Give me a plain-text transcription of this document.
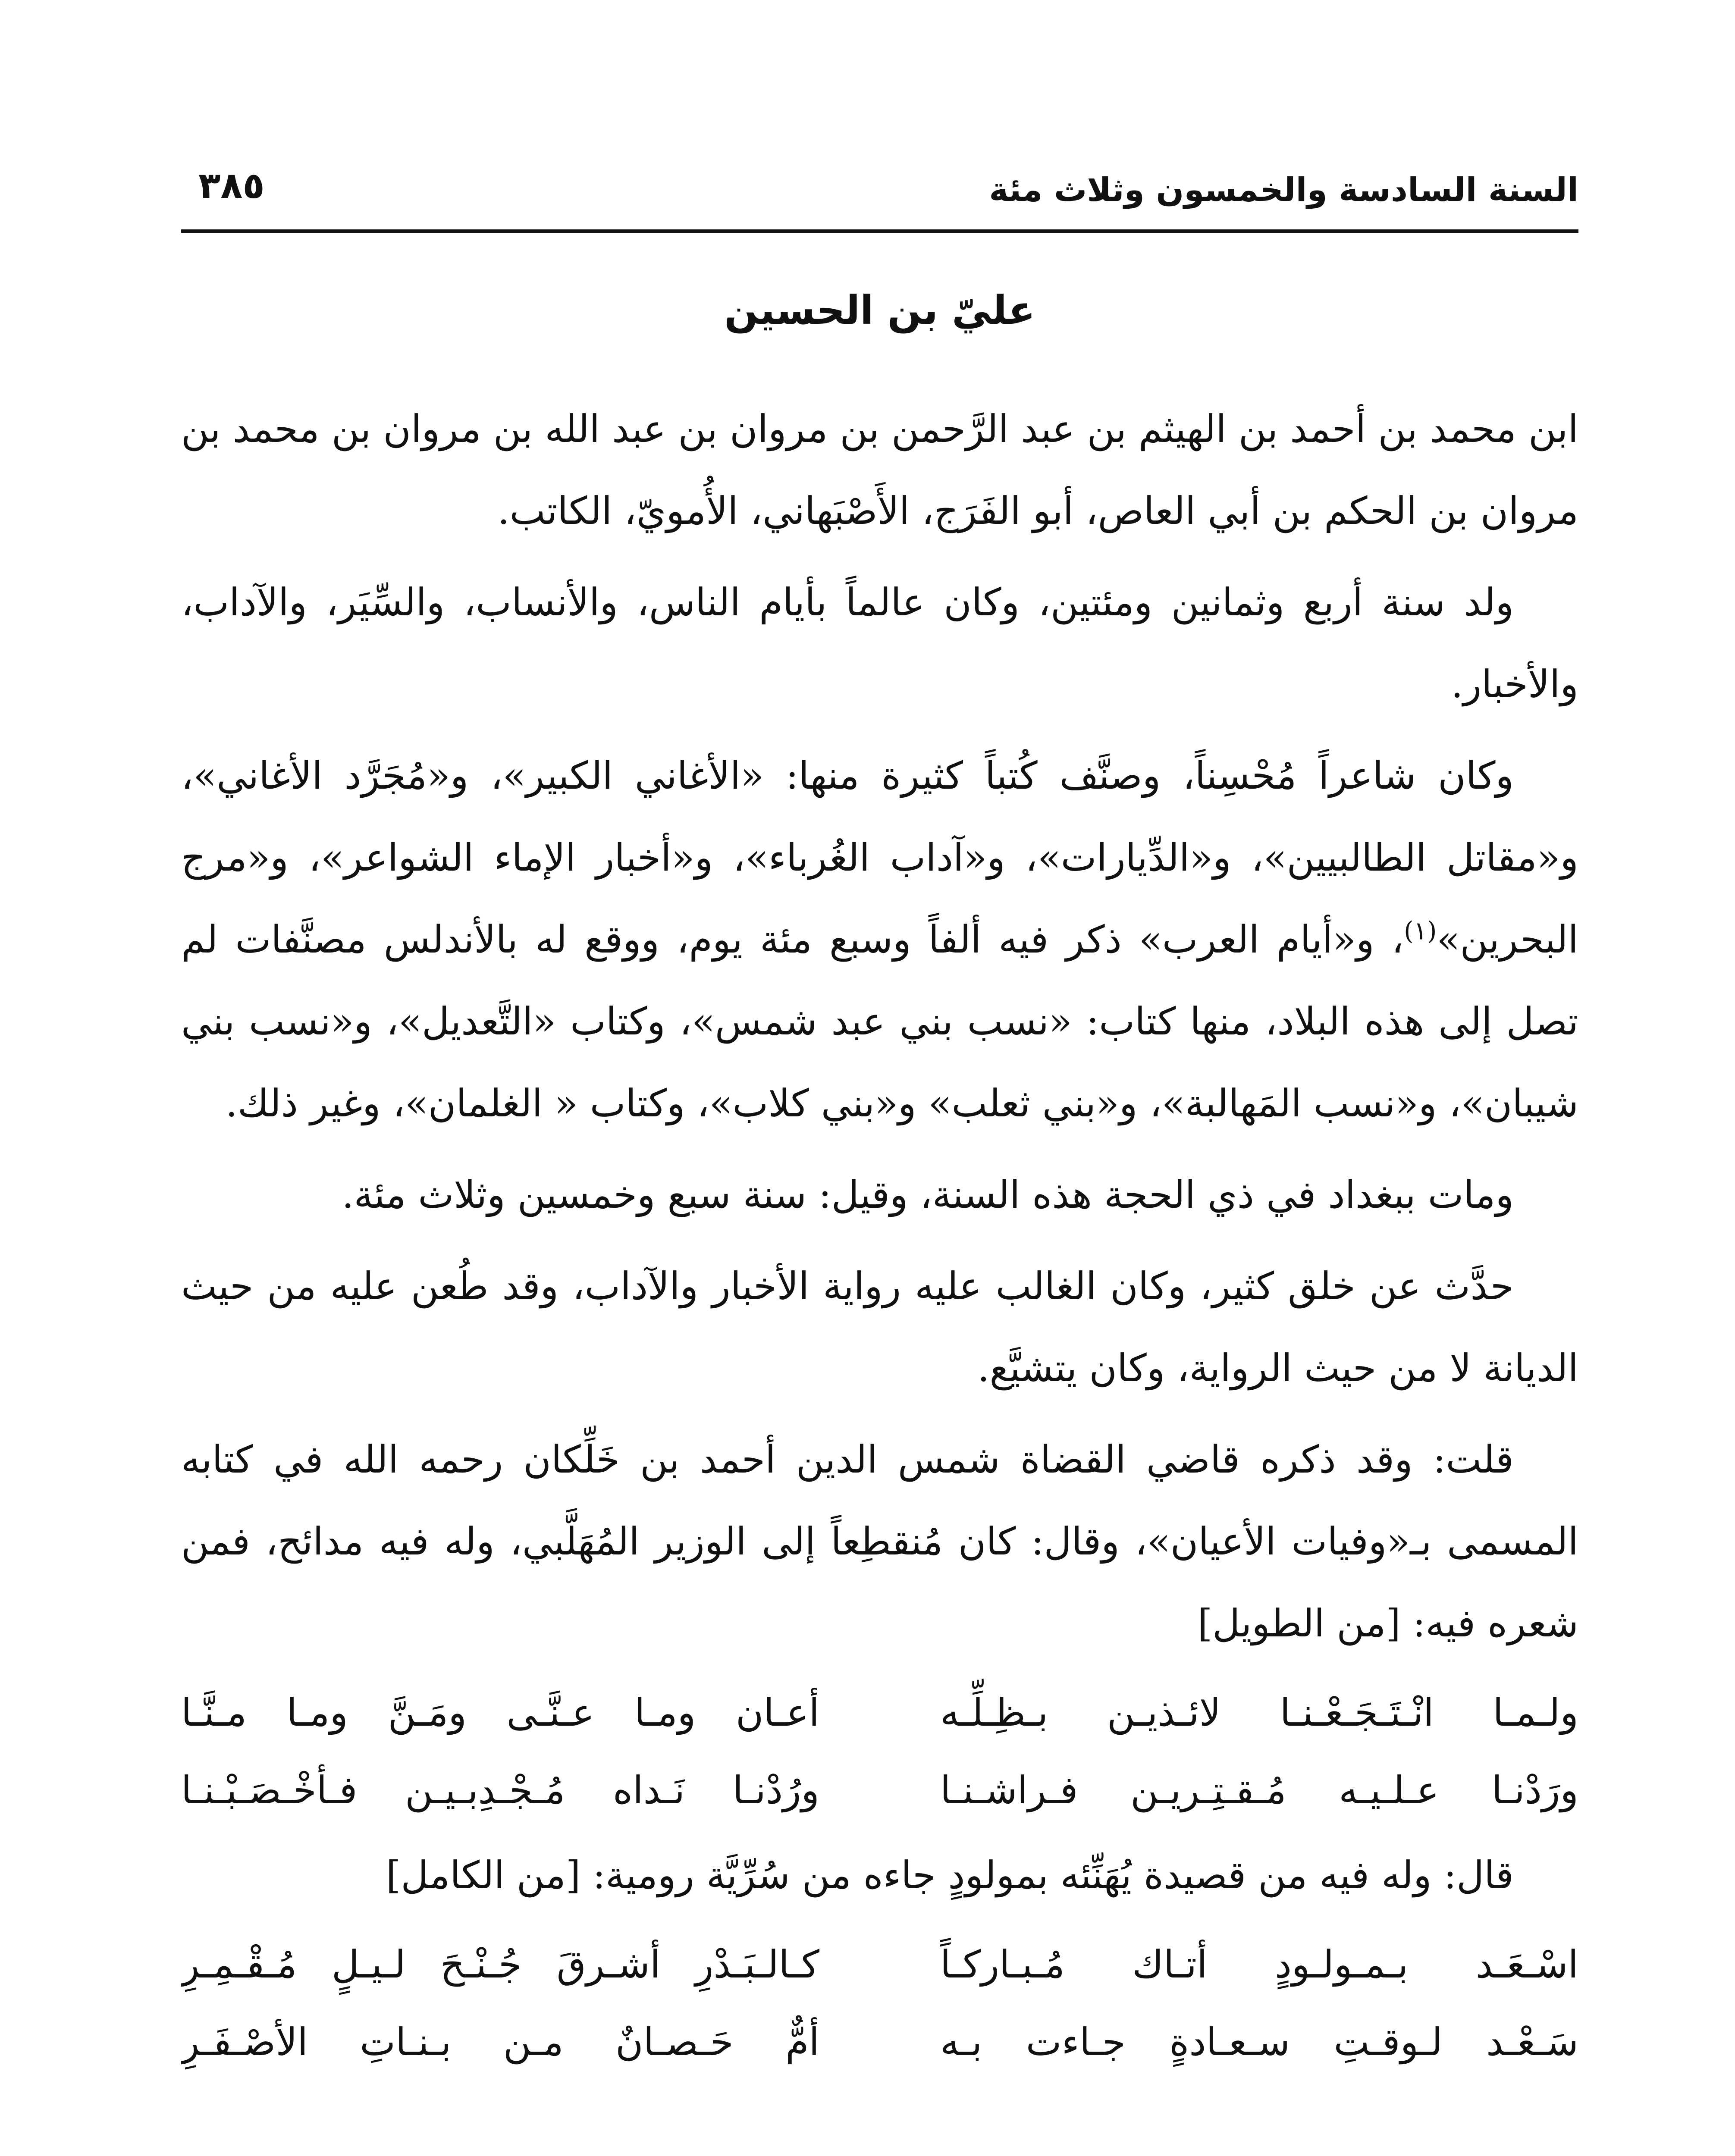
السنة السادسة والخمسون وثلاث مئة
٣٨٥
عليّ بن الحسين

ابن محمد بن أحمد بن الهيثم بن عبد الرَّحمن بن مروان بن عبد الله بن مروان بن محمد بن مروان بن الحكم بن أبي العاص، أبو الفَرَج، الأَصْبَهاني، الأُمويّ، الكاتب.

ولد سنة أربع وثمانين ومئتين، وكان عالماً بأيام الناس، والأنساب، والسِّيَر، والآداب، والأخبار.

وكان شاعراً مُحْسِناً، وصنَّف كُتباً كثيرة منها: «الأغاني الكبير»، و«مُجَرَّد الأغاني»، و«مقاتل الطالبيين»، و«الدِّيارات»، و«آداب الغُرباء»، و«أخبار الإماء الشواعر»، و«مرج البحرين»$^{(١)}$، و«أيام العرب» ذكر فيه ألفاً وسبع مئة يوم، ووقع له بالأندلس مصنَّفات لم تصل إلى هذه البلاد، منها كتاب: «نسب بني عبد شمس»، وكتاب «التَّعديل»، و«نسب بني شيبان»، و«نسب المَهالبة»، و«بني ثعلب» و«بني كلاب»، وكتاب « الغلمان»، وغير ذلك.

ومات ببغداد في ذي الحجة هذه السنة، وقيل: سنة سبع وخمسين وثلاث مئة.

حدَّث عن خلق كثير، وكان الغالب عليه رواية الأخبار والآداب، وقد طُعن عليه من حيث الديانة لا من حيث الرواية، وكان يتشيَّع.

قلت: وقد ذكره قاضي القضاة شمس الدين أحمد بن خَلِّكان رحمه الله في كتابه المسمى بـ«وفيات الأعيان»، وقال: كان مُنقطِعاً إلى الوزير المُهَلَّبي، وله فيه مدائح، فمن شعره فيه: [من الطويل]

ولـمـا انْـتَـجَـعْـنـا لائـذيـن بـظِـلِّـه
أعـان ومـا عـنَّـى ومَـنَّ ومـا مـنَّـا
ورَدْنـا عـلـيـه مُـقـتِـريـن فـراشـنـا
ورُدْنـا نَـداه مُـجْـدِبـيـن فـأخْـصَـبْـنـا

قال: وله فيه من قصيدة يُهَنِّئه بمولودٍ جاءه من سُرِّيَّة رومية: [من الكامل]

اسْـعَـد بـمـولـودٍ أتـاك مُـبـاركـاً
كـالـبَـدْرِ أشـرقَ جُـنْـحَ لـيـلٍ مُـقْـمِـرِ
سَـعْـد لـوقـتِ سـعـادةٍ جـاءت بـه
أمٌّ حَـصـانٌ مـن بـنـاتِ الأصْـفَـرِ
